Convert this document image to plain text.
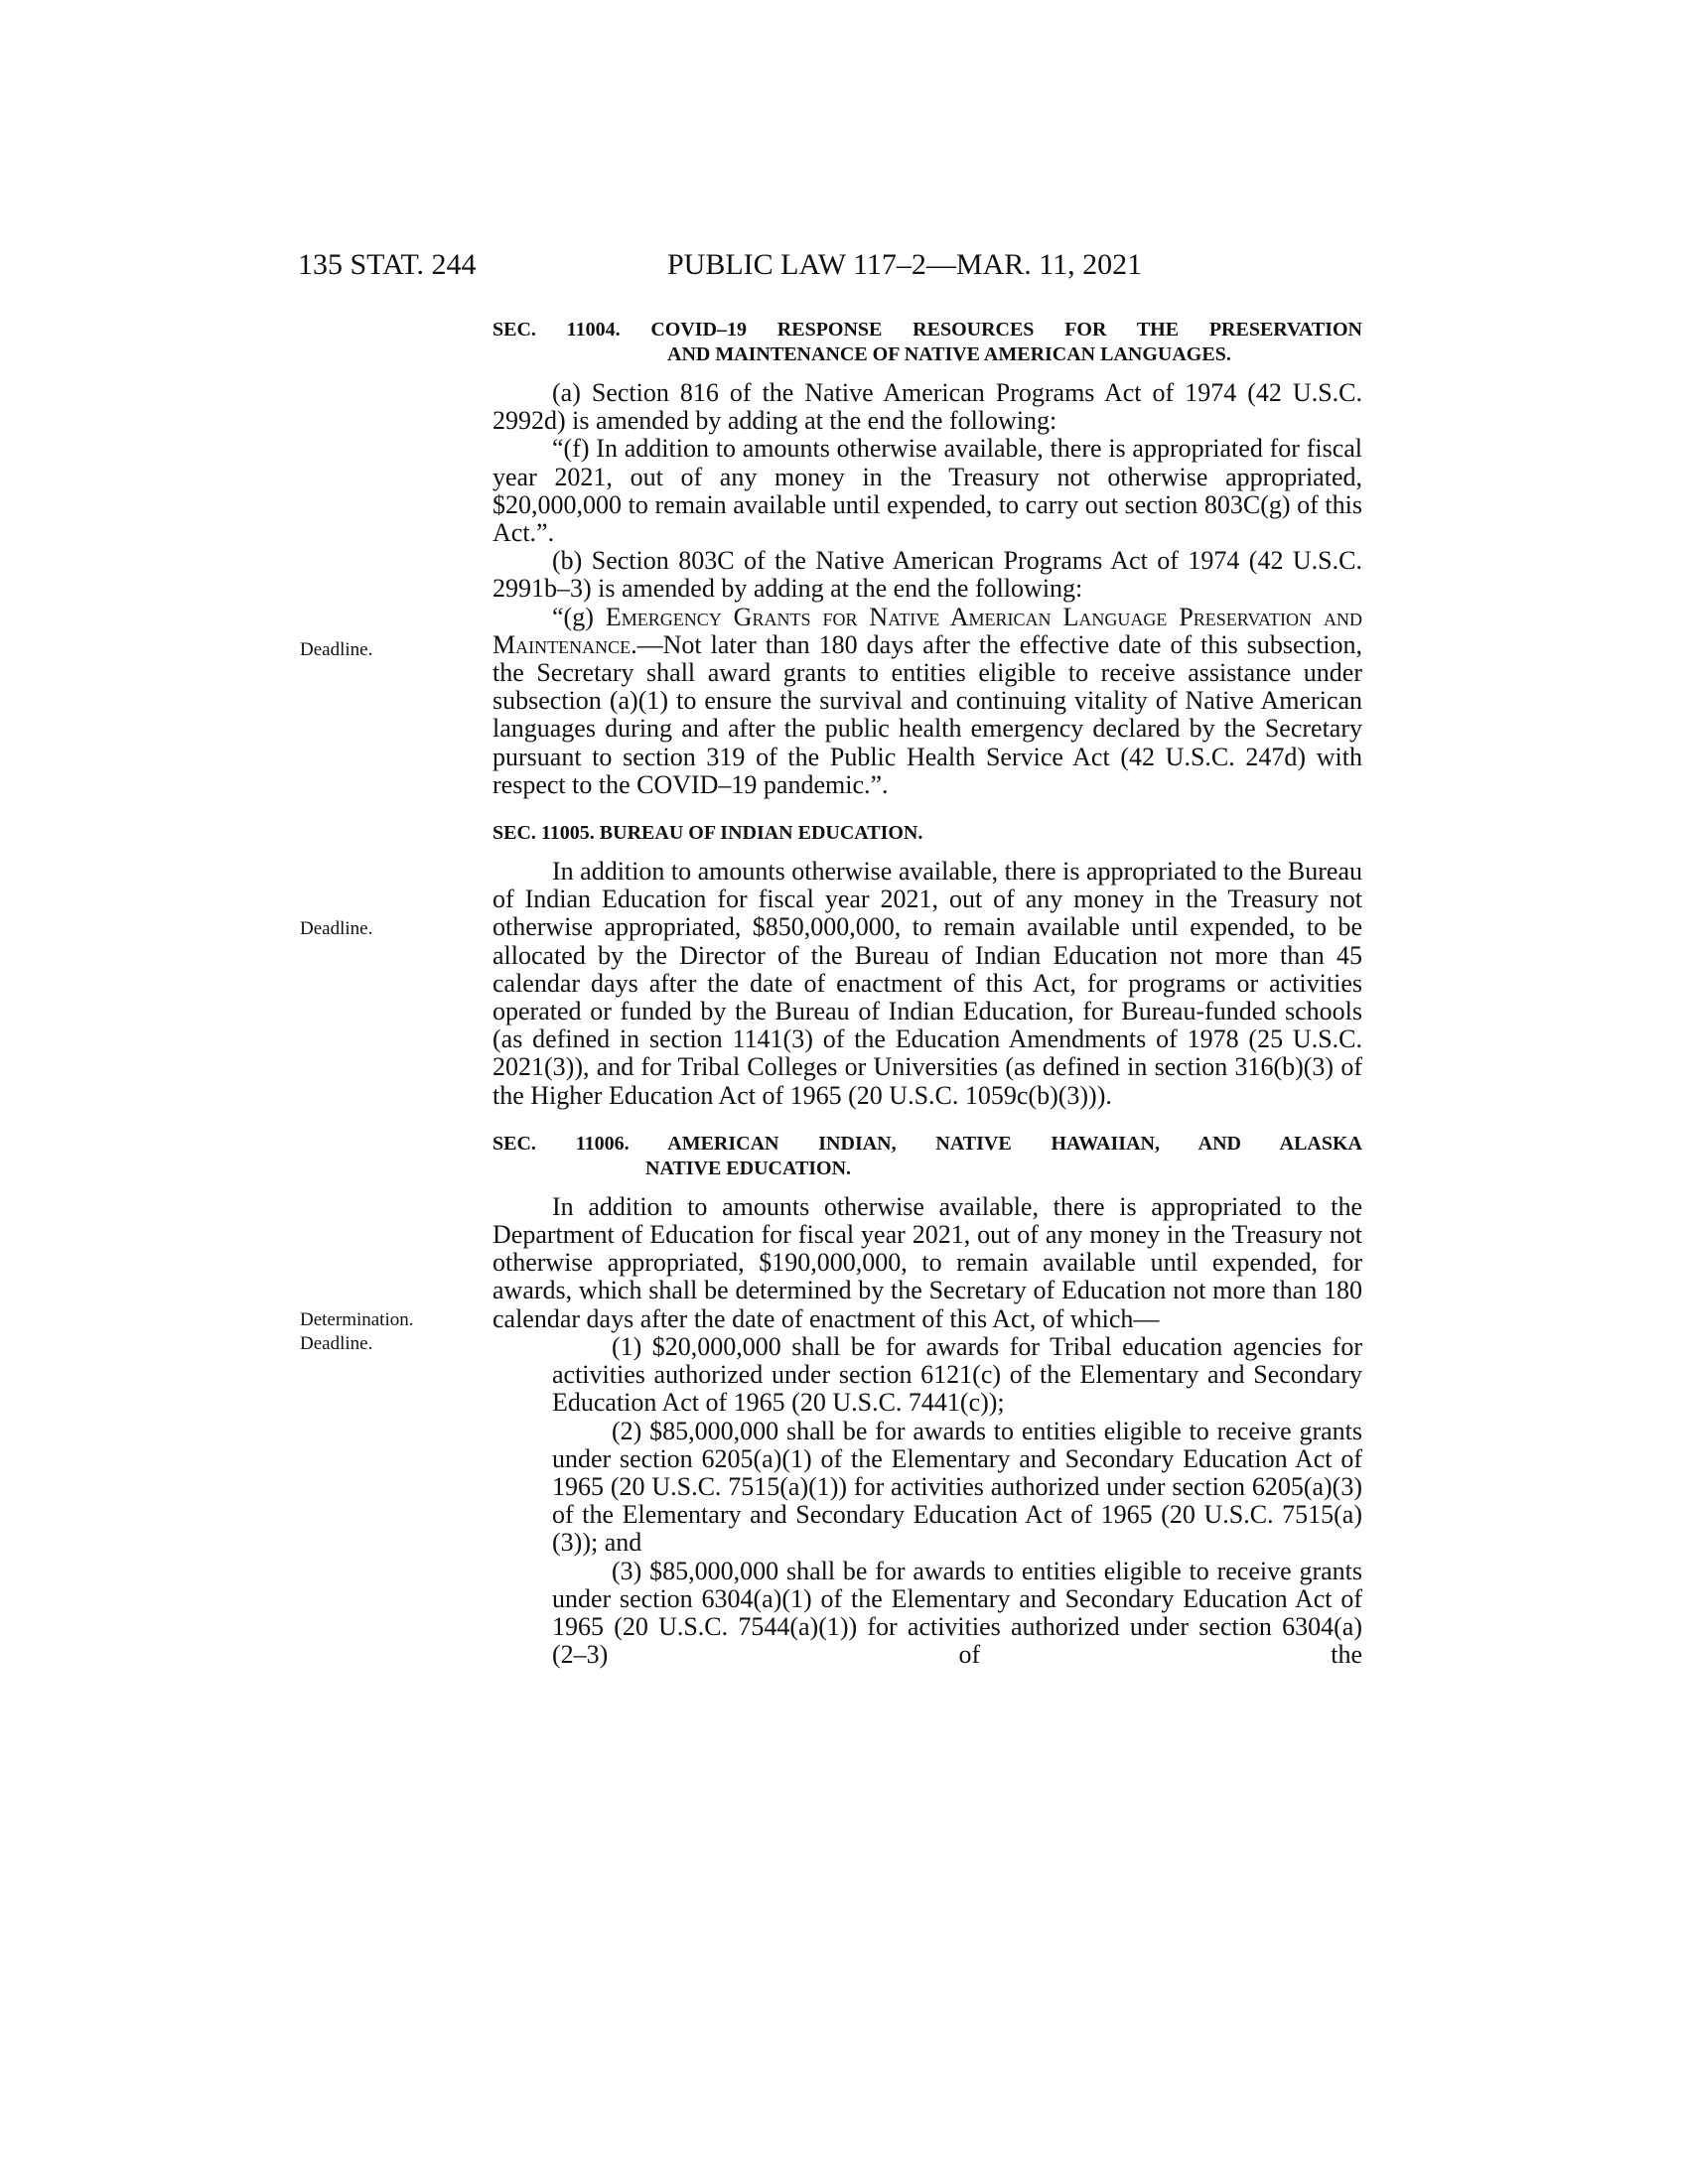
135 STAT. 244	PUBLIC LAW 117–2—MAR. 11, 2021
Deadline.
Deadline.
Determination.
Deadline.
SEC. 11004. COVID–19 RESPONSE RESOURCES FOR THE PRESERVATION
AND MAINTENANCE OF NATIVE AMERICAN LANGUAGES.

(a) Section 816 of the Native American Programs Act of 1974 (42 U.S.C. 2992d) is amended by adding at the end the following:

“(f) In addition to amounts otherwise available, there is appropriated for fiscal year 2021, out of any money in the Treasury not otherwise appropriated, $20,000,000 to remain available until expended, to carry out section 803C(g) of this Act.”.

(b) Section 803C of the Native American Programs Act of 1974 (42 U.S.C. 2991b–3) is amended by adding at the end the following:

“(g) Emergency Grants for Native American Language Preservation and Maintenance.—Not later than 180 days after the effective date of this subsection, the Secretary shall award grants to entities eligible to receive assistance under subsection (a)(1) to ensure the survival and continuing vitality of Native American languages during and after the public health emergency declared by the Secretary pursuant to section 319 of the Public Health Service Act (42 U.S.C. 247d) with respect to the COVID–19 pandemic.”.

SEC. 11005. BUREAU OF INDIAN EDUCATION.

In addition to amounts otherwise available, there is appropriated to the Bureau of Indian Education for fiscal year 2021, out of any money in the Treasury not otherwise appropriated, $850,000,000, to remain available until expended, to be allocated by the Director of the Bureau of Indian Education not more than 45 calendar days after the date of enactment of this Act, for programs or activities operated or funded by the Bureau of Indian Education, for Bureau-funded schools (as defined in section 1141(3) of the Education Amendments of 1978 (25 U.S.C. 2021(3)), and for Tribal Colleges or Universities (as defined in section 316(b)(3) of the Higher Education Act of 1965 (20 U.S.C. 1059c(b)(3))).

SEC. 11006. AMERICAN INDIAN, NATIVE HAWAIIAN, AND ALASKA
NATIVE EDUCATION.

In addition to amounts otherwise available, there is appropriated to the Department of Education for fiscal year 2021, out of any money in the Treasury not otherwise appropriated, $190,000,000, to remain available until expended, for awards, which shall be determined by the Secretary of Education not more than 180 calendar days after the date of enactment of this Act, of which—

(1) $20,000,000 shall be for awards for Tribal education agencies for activities authorized under section 6121(c) of the Elementary and Secondary Education Act of 1965 (20 U.S.C. 7441(c));

(2) $85,000,000 shall be for awards to entities eligible to receive grants under section 6205(a)(1) of the Elementary and Secondary Education Act of 1965 (20 U.S.C. 7515(a)(1)) for activities authorized under section 6205(a)(3) of the Elementary and Secondary Education Act of 1965 (20 U.S.C. 7515(a)(3)); and

(3) $85,000,000 shall be for awards to entities eligible to receive grants under section 6304(a)(1) of the Elementary and Secondary Education Act of 1965 (20 U.S.C. 7544(a)(1)) for activities authorized under section 6304(a)(2–3) of the
